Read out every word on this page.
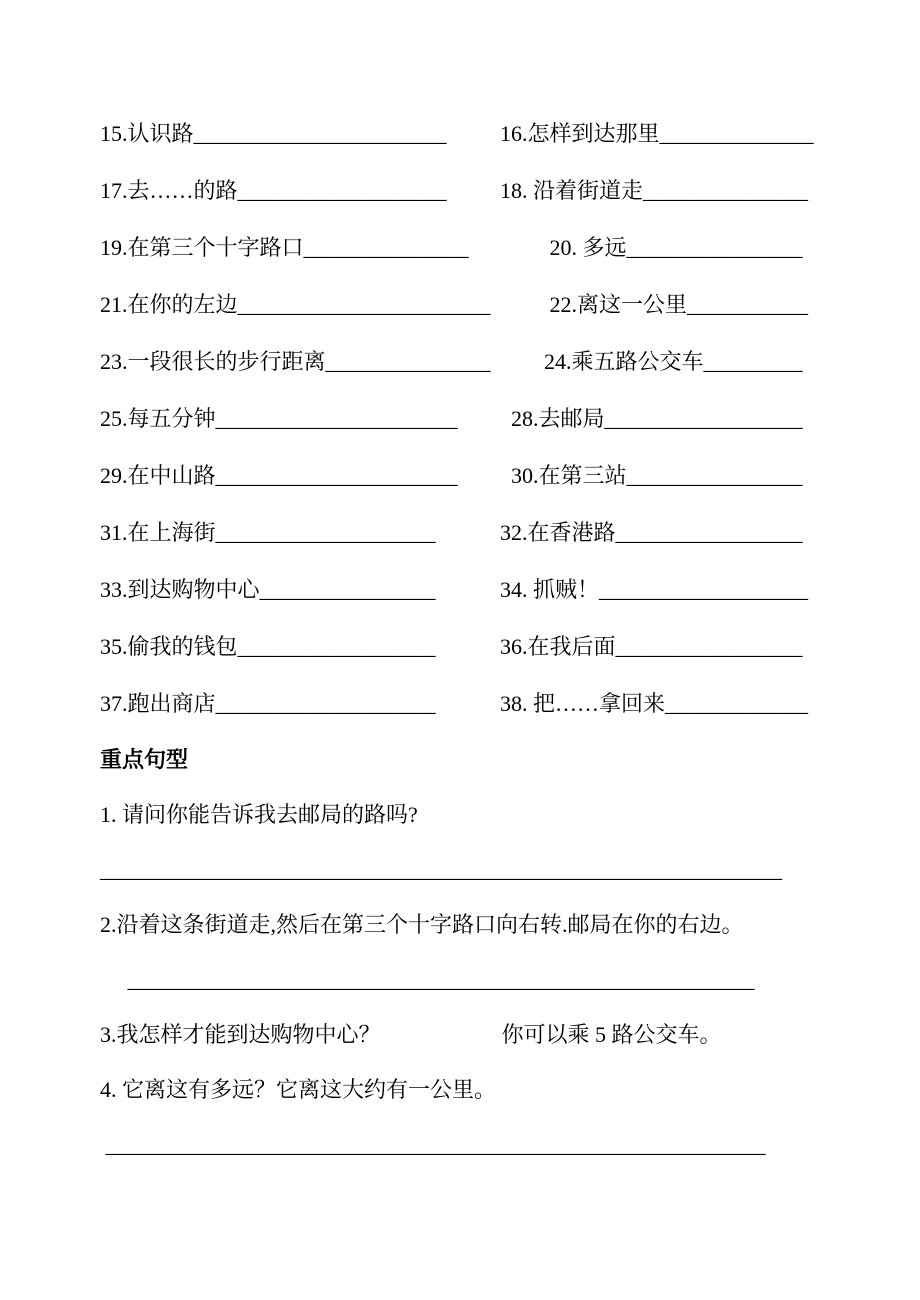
15.认识路_______________________	16.怎样到达那里______________
17.去……的路___________________	18. 沿着街道走_______________
19.在第三个十字路口_______________	20. 多远________________
21.在你的左边_______________________ 22.离这一公里___________
23.一段很长的步行距离_______________ 24.乘五路公交车_________
25.每五分钟______________________	28.去邮局__________________
29.在中山路______________________	30.在第三站________________
31.在上海街____________________	32.在香港路_________________
33.到达购物中心________________	34. 抓贼！___________________
35.偷我的钱包__________________	36.在我后面_________________
37.跑出商店____________________	38. 把……拿回来_____________
重点句型
1. 请问你能告诉我去邮局的路吗?
______________________________________________________________
2.沿着这条街道走,然后在第三个十字路口向右转.邮局在你的右边。
_________________________________________________________
3.我怎样才能到达购物中心？                      你可以乘 5 路公交车。
4. 它离这有多远？它离这大约有一公里。
____________________________________________________________
